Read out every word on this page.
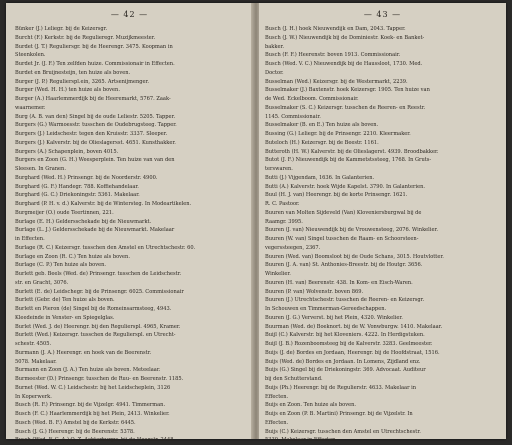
— 42 —
Bünker (J.) Leliegr. bij de Keizersgr.
Burcht (F.) Kerkstr. bij de Regulieregr. Muzijkmeester.
Burdet (J. T.) Reguliersgr. bij de Heerengr. 3475. Koopman in
Steenkolen.
Burdet Jr. (J. F.) Ten zelfden huize. Commissionair in Effecten.
Burdet en Bruijnesteijn, ten huize als boven.
Burger (J. P.) Regulierspl.ein, 3265. Artsenijmenger.
Burger (Wed. H. H.) ten huize als boven.
Burger (A.) Haarlemmerdijk bij de Heeremarkt, 5767. Zaak-
waarnemer.
Burg (A. B. van den) Singel bij de oude Leliestr. 5205. Tapper.
Burgers (G.) Warmoesstr. tusschen de Oudebrugsteeg. Tapper.
Burgers (J.) Leidschestr. tegen den Kruisstr. 3337. Sleeper.
Burgers (J.) Kalverstr. bij de Olieslagersst. 4651. Kunsthakker.
Burgers (A.) Schapenplein, boven 4015.
Burgers en Zoon (G. H.) Weesperplein. Ten huize van van den
Sleesen. In Granen.
Burghard (Wed. H.) Prinsengr. bij de Noorderstr. 4900.
Burghard (G. F.) Handegr. 788. Koffiehandelaar.
Burghard (G. C.) Driekoningstr. 5361. Makelaar.
Burghard (P. H. v. d.) Kalverstr. bij de Wintersteg. In Modeartikelen.
Burgmeijer (O.) oude Teertinnen, 221.
Burlage (E. H.) Geldersschekade bij de Nieuwmarkt.
Burlage (L. J.) Geldersschekade bij de Nieuwmarkt. Makelaar
in Effecten.
Burlage (R. C.) Keizersgr. tusschen den Amstel en Utrechtschestr. 60.
Burlage en Zoon (R. C.) Ten huize als boven.
Burlage (C. P.) Ten huize als boven.
Burlett geb. Beels (Wed. de) Prinsengr. tusschen de Leidschestr.
str. en Gracht, 3076.
Burlett (E. de) Leidschegr. bij de Prinsengr. 6025. Commissionair
Burlett (Gebr. de) Ten huize als boven.
Burlett en Pieron (de) Singel bij de Romeinsarmsteeg, 4943.
Kleedeinde in Venster- en Spiegelglas.
Burlet (Wed. J. de) Heerengr. bij den Regulierspl. 4965, Kramer.
Burlett (Wed.) Keizersgr. tusschen de Regulierspl. en Utrecht-
schestr. 4505.
Burmann (J. A.) Heerengr. en hoek van de Beerenstr.
5078. Makelaar.
Burmann en Zoon (J. A.) Ten huize als boven. Meteelaar.
Burmeester (D.) Prinsengr. tusschen de Ruu- en Beerenstr. 1185.
Burnet (Wed. W. C.) Leidschestr. bij het Leidscheplein, 3126
In Koperwerk.
Busch (R. F.) Prinsengr. bij de Vijzelgr. 4941. Timmerman.
Busch (F. C.) Haarlemmerdijk bij het Plein, 2413. Winkelier.
Busch (Wed. B. F.) Amstel bij de Kerkstr. 6445.
Busch (J. G.) Heerengr. bij de Beerenstr. 5378.
Busch (Wed. F. C. A.) O. Z. Achterburgw. bij de Hoogstr. 2448.
— 43 —
Busch (J. H.) hoek Nieuwendijk en Dam, 2043. Tapper.
Busch (J. W.) Nieuwendijk bij de Dominiestr. Koek- en Banket-
bakker.
Busch (F. F.) Heerenstr. boven 1913. Commissionair.
Busch (Wed. V. C.) Nieuwendijk bij de Haussloot, 1730. Med.
Doctor.
Busselman (Wed.) Keizersgr. bij de Westermarkt, 2239.
Busselmaker (J.) Baxtenstr. hoek Keizersgr. 1905. Ten huize van
de Wed. Eckelboom. Commissionair.
Busselmaker (S. C.) Keizersgr. tusschen de Reeren- en Reestr.
1145. Commissionair.
Busselmaker (B. en E.) Ten huize als boven.
Bussing (G.) Leliegr. bij de Prinsengr. 2210. Kleermaker.
Buteloch (H.) Keizersgr. bij de Beestr. 1161.
Butteroth (H. W.) Kalverstr. bij de Olieslagerst. 4939. Broodbakker.
Butot (J. F.) Nieuwendijk bij de Kammetstssteeg, 1768. In Gruts-
terswaren.
Butti (J.) Vijgendam, 1636. In Galanterien.
Butti (A.) Kalverstr. hoek Wijde Kapelst. 3790. In Galanterien.
Buul (H. J. van) Heerengr. bij de korte Prinsengr. 1621.
R. C. Pastoor.
Buuren van Molten Sijdeveld (Van) Kloveniersburgwal bij de
Raamgr. 3995.
Buuren (J. van) Nieuwendijk bij de Vrouwensteeg, 2076. Winkelier.
Buuren (W. van) Singel tusschen de Raam- en Schoorsteen-
vegerssteegen, 2367.
Buuren (Wed. van) Boomsloot bij de Oude Schans, 3015. Houtvlotter.
Buuren (J. A. van) St. Anthonies-Breestr. bij de Houtgr. 3656.
Winkelier.
Buuren (H. van) Beerenstr. 438. In Kom- en Eisch-Waren.
Buuren (P. van) Wolvenstr. boven 869.
Buuren (J.) Utrechtschestr. tusschen de Reeren- en Keizersgr.
In Schouwen en Timmerman-Gereedschappen.
Buuren (J. G.) Ververst. bij het Plein, 4320. Winkelier.
Buurman (Wed. de) Boeknort. bij de W. Vonwburgw. 1410. Makelaar.
Buijl (C.) Kalverstr. bij het Kloveniers. 4222. In Herdigstuken.
Buijl (J. B.) Rozenboomsteeg bij de Kalverstr. 3283. Geelmeester.
Buijs (J. de) Bordes en Jordaan, Heerengr. bij de Hoofdstraat, 1516.
Buijs (Wed. de) Bordes en Jordaan. In Lomens, Zijdland enz.
Buijs (G.) Singel bij de Driekoningstr. 369. Advocaat. Auditeur
bij den Schutterstand.
Buijs (Ph.) Heerengr. bij de Regulierstr. 4633. Makelaar in
Effecten.
Buijs en Zoon. Ten huize als boven.
Buijs en Zoon (P. B. Martini) Prinsengr. bij de Vijzelstr. In
Effecten.
Buijs (C.) Keizersgr. tusschen den Amstel en Utrechtschestr.
5330. Makelaar in Effecten.
